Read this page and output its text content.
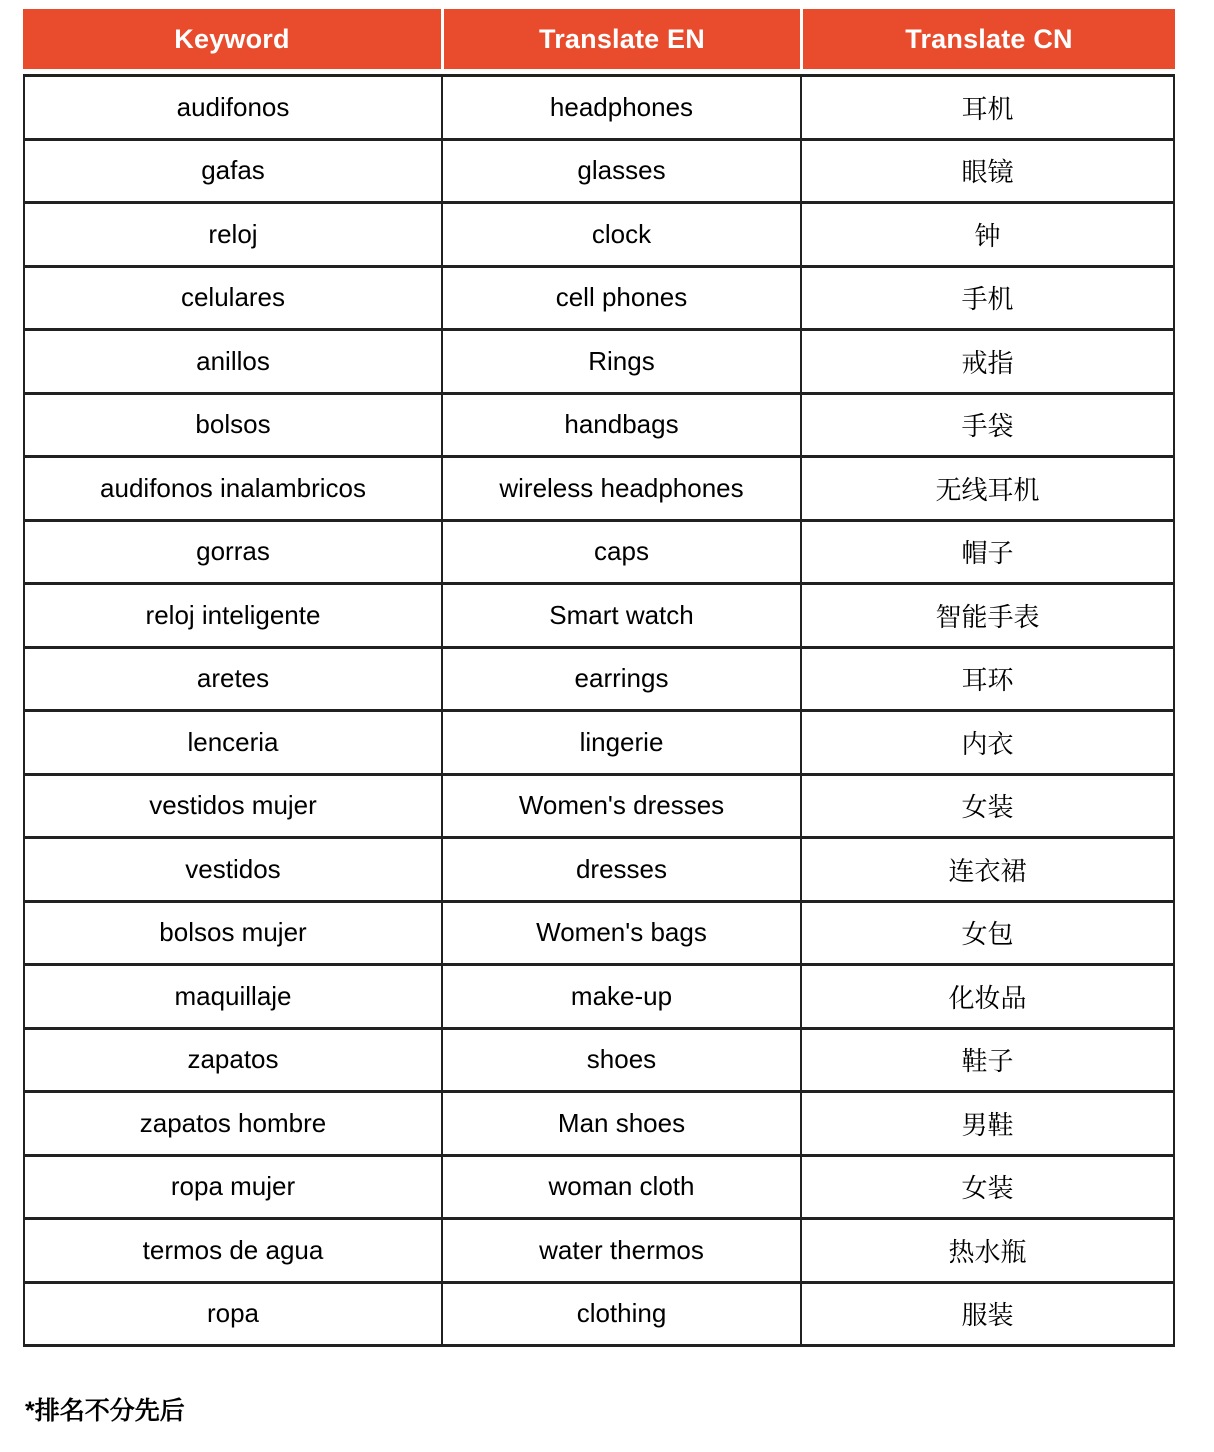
Keyword	Translate EN	Translate CN
audifonos	headphones	耳机
gafas	glasses	眼镜
reloj	clock	钟
celulares	cell phones	手机
anillos	Rings	戒指
bolsos	handbags	手袋
audifonos inalambricos	wireless headphones	无线耳机
gorras	caps	帽子
reloj inteligente	Smart watch	智能手表
aretes	earrings	耳环
lenceria	lingerie	内衣
vestidos mujer	Women's dresses	女装
vestidos	dresses	连衣裙
bolsos mujer	Women's bags	女包
maquillaje	make-up	化妆品
zapatos	shoes	鞋子
zapatos hombre	Man shoes	男鞋
ropa mujer	woman cloth	女装
termos de agua	water thermos	热水瓶
ropa	clothing	服装
*排名不分先后
